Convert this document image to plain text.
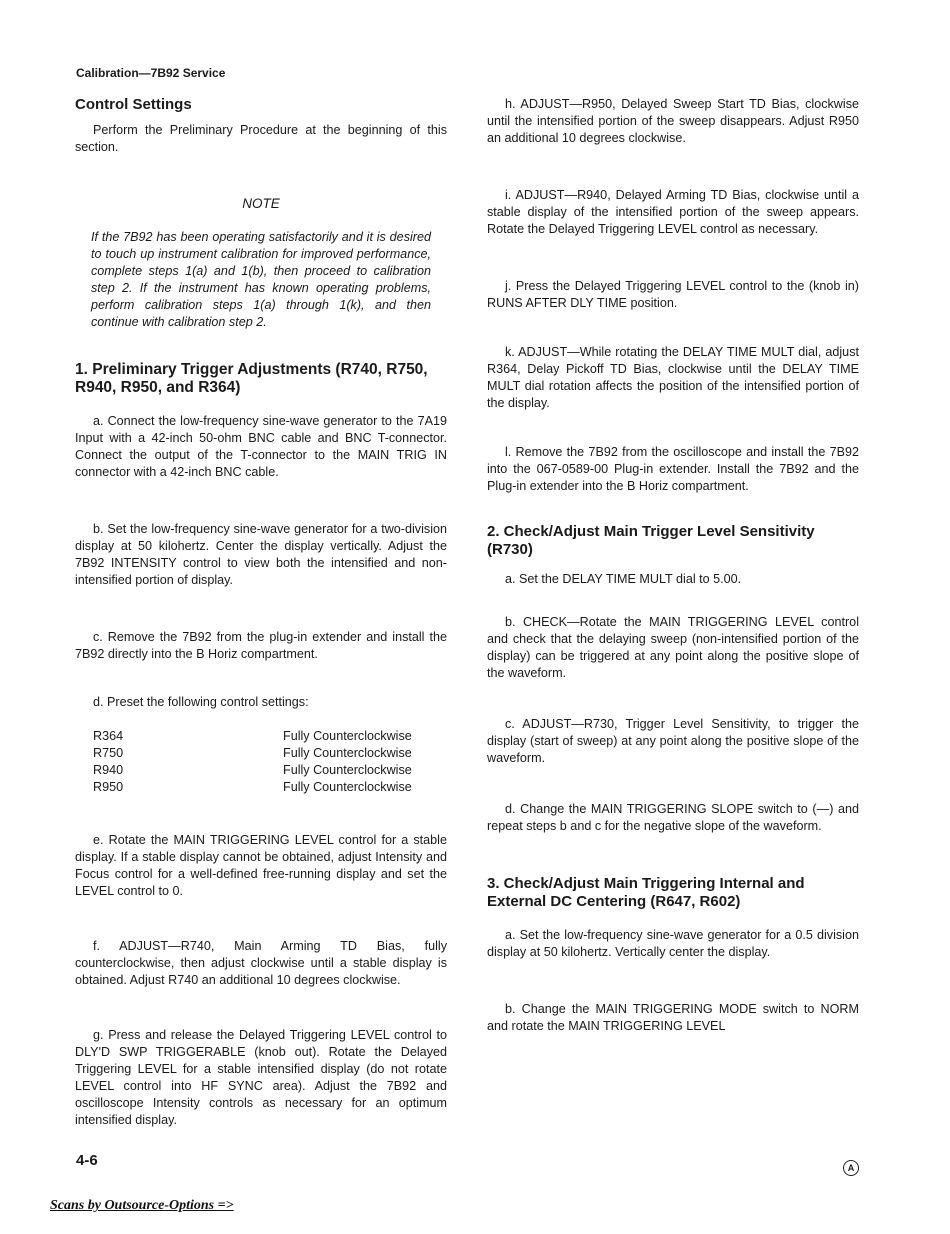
Calibration—7B92 Service
Control Settings

Perform the Preliminary Procedure at the beginning of this section.

NOTE

If the 7B92 has been operating satisfactorily and it is desired to touch up instrument calibration for improved performance, complete steps 1(a) and 1(b), then proceed to calibration step 2. If the instrument has known operating problems, perform calibration steps 1(a) through 1(k), and then continue with calibration step 2.

1. Preliminary Trigger Adjustments (R740, R750, R940, R950, and R364)

a. Connect the low-frequency sine-wave generator to the 7A19 Input with a 42-inch 50-ohm BNC cable and BNC T-connector. Connect the output of the T-connector to the MAIN TRIG IN connector with a 42-inch BNC cable.

b. Set the low-frequency sine-wave generator for a two-division display at 50 kilohertz. Center the display vertically. Adjust the 7B92 INTENSITY control to view both the intensified and non-intensified portion of display.

c. Remove the 7B92 from the plug-in extender and install the 7B92 directly into the B Horiz compartment.

d. Preset the following control settings:

R364	Fully Counterclockwise
R750	Fully Counterclockwise
R940	Fully Counterclockwise
R950	Fully Counterclockwise

e. Rotate the MAIN TRIGGERING LEVEL control for a stable display. If a stable display cannot be obtained, adjust Intensity and Focus control for a well-defined free-running display and set the LEVEL control to 0.

f. ADJUST—R740, Main Arming TD Bias, fully counterclockwise, then adjust clockwise until a stable display is obtained. Adjust R740 an additional 10 degrees clockwise.

g. Press and release the Delayed Triggering LEVEL control to DLY'D SWP TRIGGERABLE (knob out). Rotate the Delayed Triggering LEVEL for a stable intensified display (do not rotate LEVEL control into HF SYNC area). Adjust the 7B92 and oscilloscope Intensity controls as necessary for an optimum intensified display.

h. ADJUST—R950, Delayed Sweep Start TD Bias, clockwise until the intensified portion of the sweep disappears. Adjust R950 an additional 10 degrees clockwise.

i. ADJUST—R940, Delayed Arming TD Bias, clockwise until a stable display of the intensified portion of the sweep appears. Rotate the Delayed Triggering LEVEL control as necessary.

j. Press the Delayed Triggering LEVEL control to the (knob in) RUNS AFTER DLY TIME position.

k. ADJUST—While rotating the DELAY TIME MULT dial, adjust R364, Delay Pickoff TD Bias, clockwise until the DELAY TIME MULT dial rotation affects the position of the intensified portion of the display.

l. Remove the 7B92 from the oscilloscope and install the 7B92 into the 067-0589-00 Plug-in extender. Install the 7B92 and the Plug-in extender into the B Horiz compartment.

2. Check/Adjust Main Trigger Level Sensitivity (R730)

a. Set the DELAY TIME MULT dial to 5.00.

b. CHECK—Rotate the MAIN TRIGGERING LEVEL control and check that the delaying sweep (non-intensified portion of the display) can be triggered at any point along the positive slope of the waveform.

c. ADJUST—R730, Trigger Level Sensitivity, to trigger the display (start of sweep) at any point along the positive slope of the waveform.

d. Change the MAIN TRIGGERING SLOPE switch to (—) and repeat steps b and c for the negative slope of the waveform.

3. Check/Adjust Main Triggering Internal and External DC Centering (R647, R602)

a. Set the low-frequency sine-wave generator for a 0.5 division display at 50 kilohertz. Vertically center the display.

b. Change the MAIN TRIGGERING MODE switch to NORM and rotate the MAIN TRIGGERING LEVEL

4-6	A
Scans by Outsource-Options =>
